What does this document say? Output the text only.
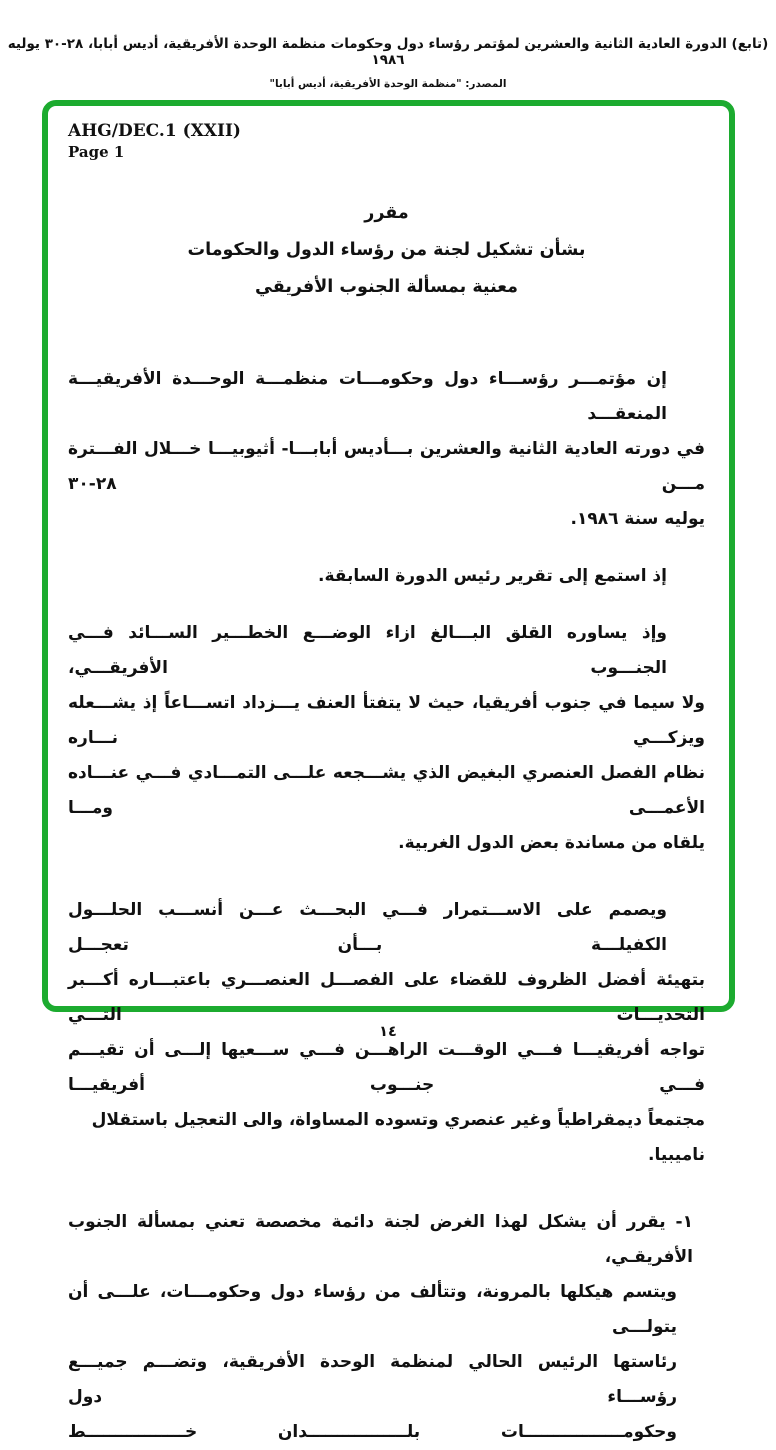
(تابع) الدورة العادية الثانية والعشرين لمؤتمر رؤساء دول وحكومات منظمة الوحدة الأفريقية، أديس أبابا، ٢٨-٣٠ يوليه ١٩٨٦
المصدر: "منظمة الوحدة الأفريقية، أديس أبابا"
AHG/DEC.1 (XXII)
Page 1
مقرر
بشأن تشكيل لجنة من رؤساء الدول والحكومات
معنية بمسألة الجنوب الأفريقي

إن مؤتمـــر رؤســـاء دول وحكومـــات منظمـــة الوحـــدة الأفريقيـــة المنعقـــد
في دورته العادية الثانية والعشرين بـــأديس أبابـــا- أثيوبيـــا خـــلال الفـــترة مـــن ٢٨-٣٠
يوليه سنة ١٩٨٦.

إذ استمع إلى تقرير رئيس الدورة السابقة.

وإذ يساوره القلق البـــالغ ازاء الوضـــع الخطـــير الســـائد فـــي الجنـــوب الأفريقـــي،
ولا سيما في جنوب أفريقيا، حيث لا يتفتأ العنف يـــزداد اتســـاعاً إذ يشـــعله ويزكـــي نـــاره
نظام الفصل العنصري البغيض الذي يشـــجعه علـــى التمـــادي فـــي عنـــاده الأعمـــى ومـــا
يلقاه من مساندة بعض الدول الغربية.

ويصمم على الاســـتمرار فـــي البحـــث عـــن أنســـب الحلـــول الكفيلـــة بـــأن تعجـــل
بتهيئة أفضل الظروف للقضاء على الفصـــل العنصـــري باعتبـــاره أكـــبر التحديـــات التـــي
تواجه أفريقيـــا فـــي الوقـــت الراهـــن فـــي ســـعيها إلـــى أن تقيـــم فـــي جنـــوب أفريقيـــا
مجتمعاً ديمقراطياً وغير عنصري وتسوده المساواة، والى التعجيل باستقلال ناميبيا.

١- يقرر أن يشكل لهذا الغرض لجنة دائمة مخصصة تعني بمسألة الجنوب الأفريقـي،
ويتسم هيكلها بالمرونة، وتتألف من رؤساء دول وحكومـــات، علـــى أن يتولـــى
رئاستها الرئيس الحالي لمنظمة الوحدة الأفريقية، وتضـــم جميـــع رؤســـاء دول
وحكومـــــــــــــــــات بلـــــــــــــــــدان خـــــــــــــــــط

١٤
